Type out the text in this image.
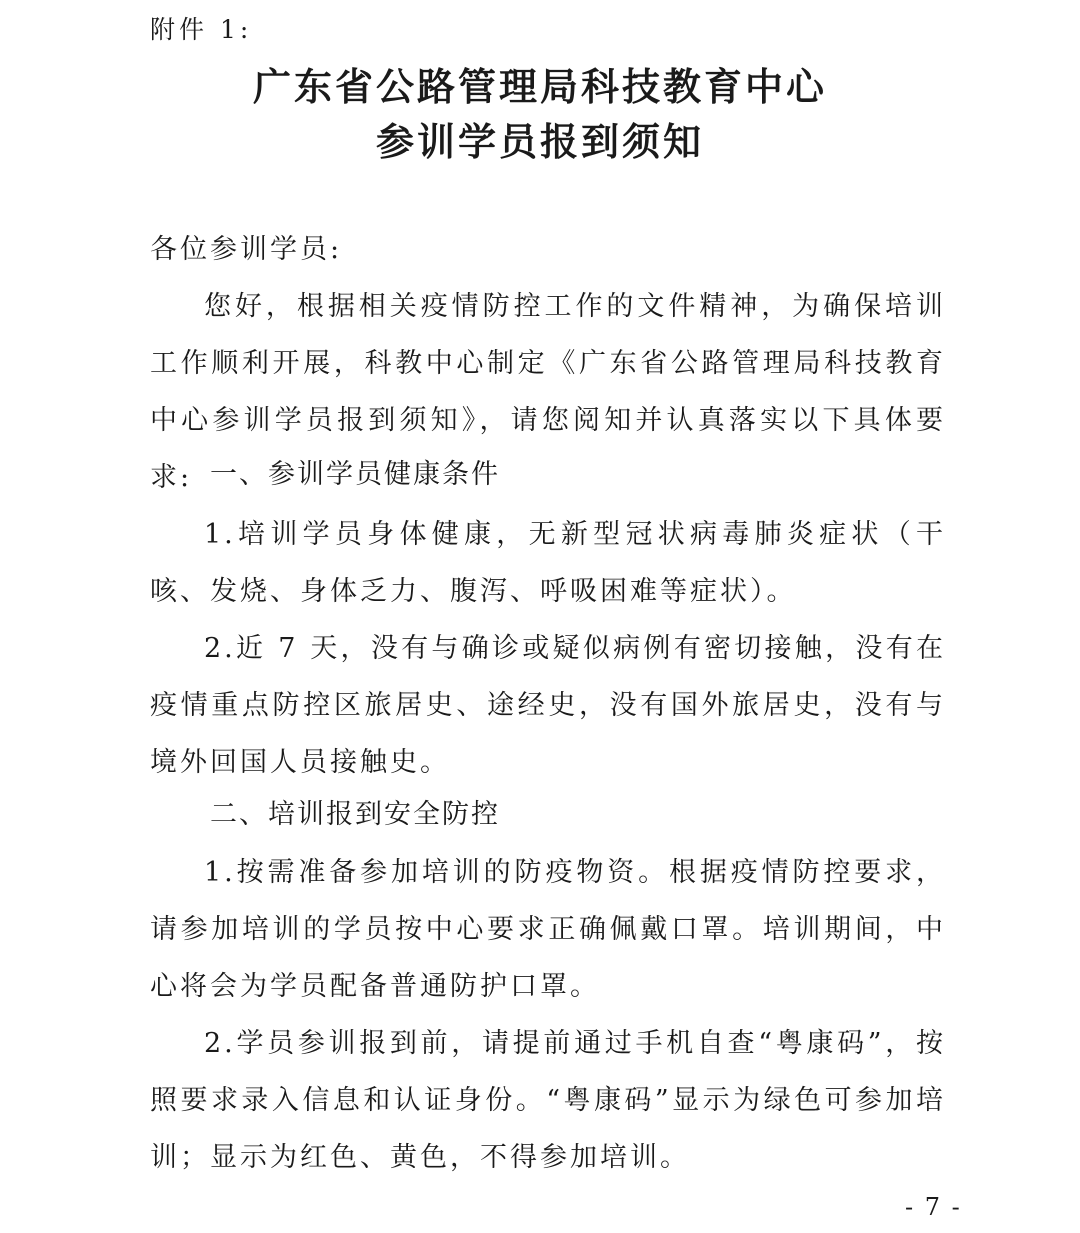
附件 1:
广东省公路管理局科技教育中心
参训学员报到须知
各位参训学员:
您好，根据相关疫情防控工作的文件精神，为确保培训工作顺利开展，科教中心制定《广东省公路管理局科技教育中心参训学员报到须知》，请您阅知并认真落实以下具体要求: 一、参训学员健康条件
1.培训学员身体健康，无新型冠状病毒肺炎症状（干咳、发烧、身体乏力、腹泻、呼吸困难等症状）。
2.近 7 天，没有与确诊或疑似病例有密切接触，没有在疫情重点防控区旅居史、途经史，没有国外旅居史，没有与境外回国人员接触史。
二、培训报到安全防控
1.按需准备参加培训的防疫物资。根据疫情防控要求，请参加培训的学员按中心要求正确佩戴口罩。培训期间，中心将会为学员配备普通防护口罩。
2.学员参训报到前，请提前通过手机自查“粤康码”，按照要求录入信息和认证身份。“粤康码”显示为绿色可参加培训；显示为红色、黄色，不得参加培训。
- 7 -
